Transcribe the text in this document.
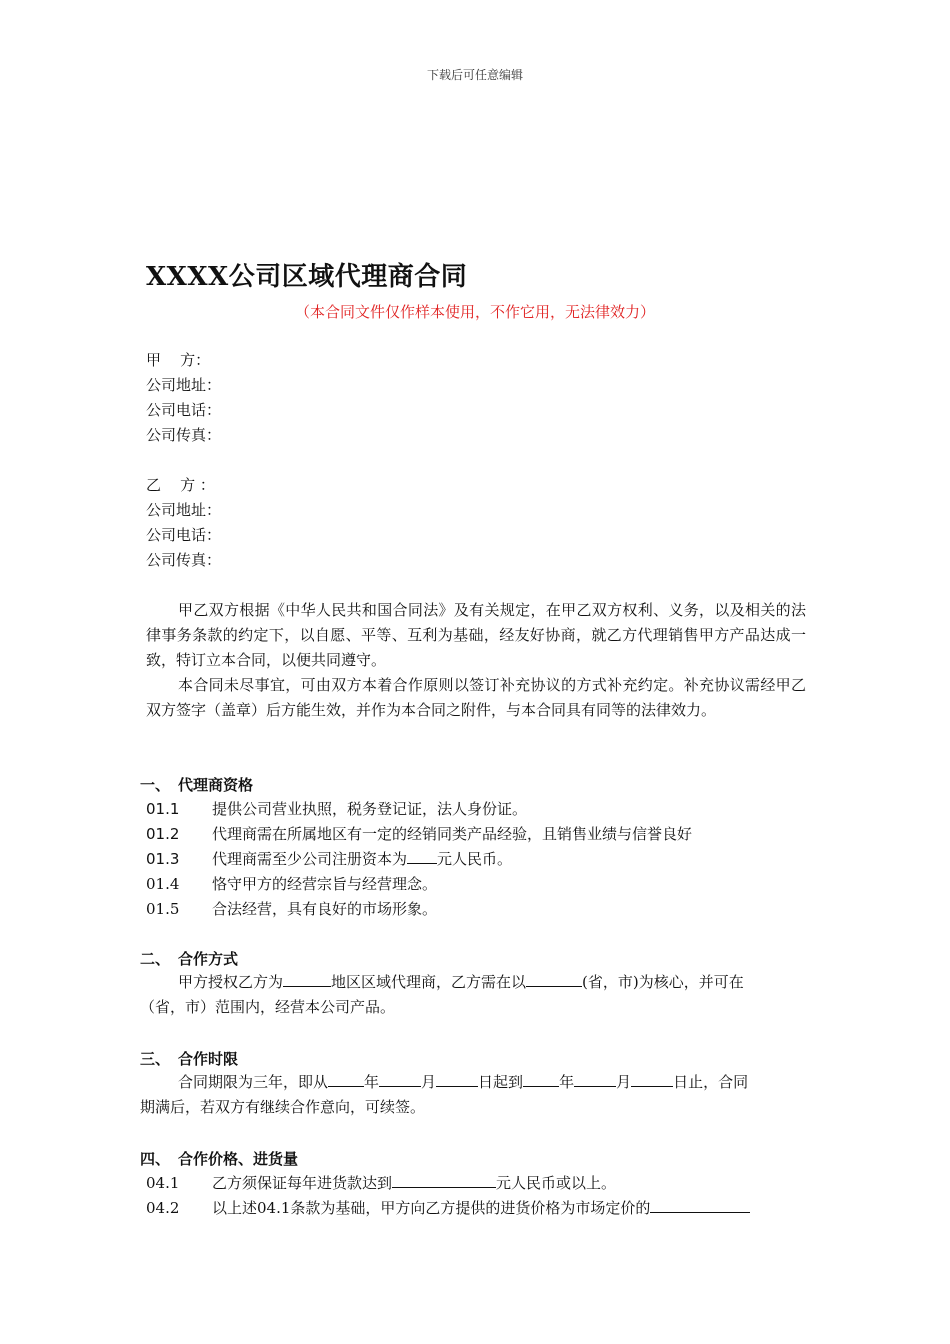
下载后可任意编辑
XXXX公司区域代理商合同
（本合同文件仅作样本使用，不作它用，无法律效力）
甲    方：
公司地址：
公司电话：
公司传真：
乙    方 ：
公司地址：
公司电话：
公司传真：
甲乙双方根据《中华人民共和国合同法》及有关规定，在甲乙双方权利、义务，以及相关的法律事务条款的约定下，以自愿、平等、互利为基础，经友好协商，就乙方代理销售甲方产品达成一致，特订立本合同，以便共同遵守。
本合同未尽事宜，可由双方本着合作原则以签订补充协议的方式补充约定。补充协议需经甲乙双方签字（盖章）后方能生效，并作为本合同之附件，与本合同具有同等的法律效力。
一、 代理商资格
01.1 提供公司营业执照，税务登记证，法人身份证。
01.2 代理商需在所属地区有一定的经销同类产品经验，且销售业绩与信誉良好
01.3 代理商需至少公司注册资本为 元人民币。
01.4 恪守甲方的经营宗旨与经营理念。
01.5 合法经营，具有良好的市场形象。
二、 合作方式
甲方授权乙方为	地区区域代理商，乙方需在以	(省，市)为核心，并可在
（省，市）范围内，经营本公司产品。
三、 合作时限
合同期限为三年，即从 年	月	日起到 年	月	日止，合同
期满后，若双方有继续合作意向，可续签。
四、 合作价格、进货量
04.1 乙方须保证每年进货款达到	元人民币或以上。
04.2 以上述04.1条款为基础，甲方向乙方提供的进货价格为市场定价的
